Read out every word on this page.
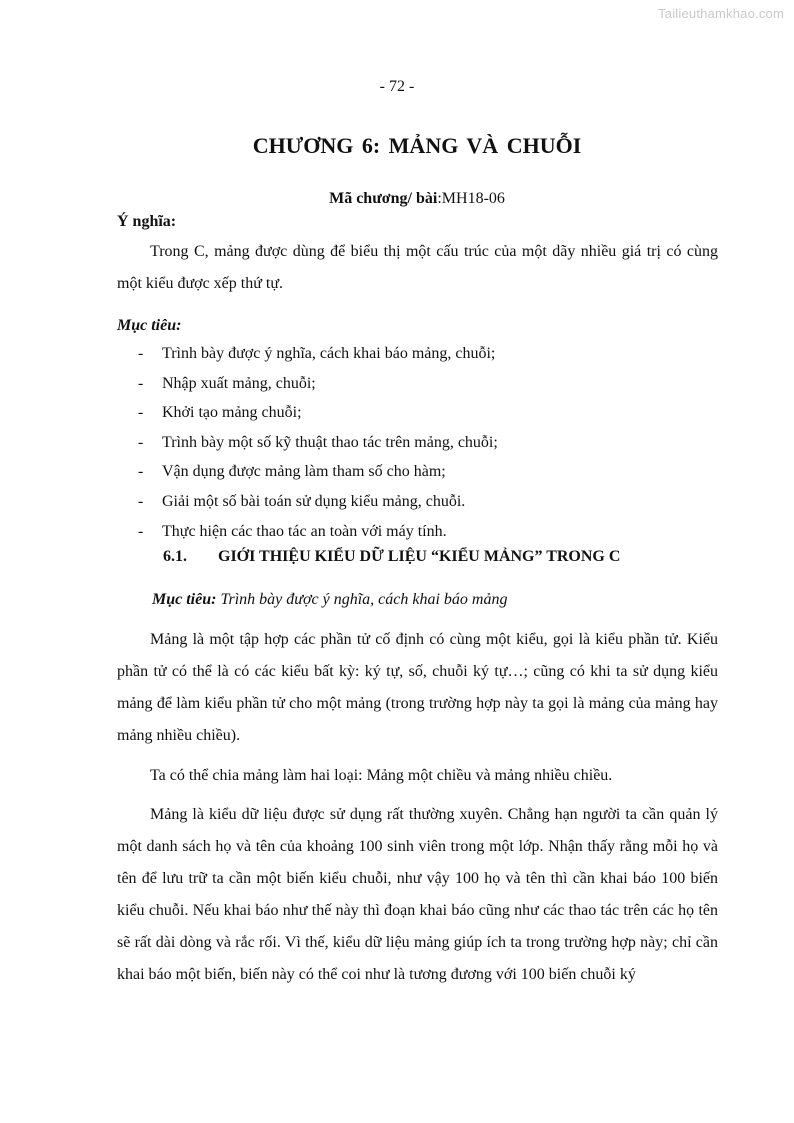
Tailieuthamkhao.com
- 72 -
CHƯƠNG 6: MẢNG VÀ CHUỖI
Mã chương/ bài:MH18-06
Ý nghĩa:

Trong C, mảng được dùng để biểu thị một cấu trúc của một dãy nhiều giá trị có cùng một kiểu được xếp thứ tự.

Mục tiêu:
- Trình bày được ý nghĩa, cách khai báo mảng, chuỗi;
- Nhập xuất mảng, chuỗi;
- Khởi tạo mảng chuỗi;
- Trình bày một số kỹ thuật thao tác trên mảng, chuỗi;
- Vận dụng được mảng làm tham số cho hàm;
- Giải một số bài toán sử dụng kiểu mảng, chuỗi.
- Thực hiện các thao tác an toàn với máy tính.
6.1. GIỚI THIỆU KIỂU DỮ LIỆU “KIỂU MẢNG” TRONG C
Mục tiêu: Trình bày được ý nghĩa, cách khai báo mảng

Mảng là một tập hợp các phần tử cố định có cùng một kiểu, gọi là kiểu phần tử. Kiểu phần tử có thể là có các kiểu bất kỳ: ký tự, số, chuỗi ký tự…; cũng có khi ta sử dụng kiểu mảng để làm kiểu phần tử cho một mảng (trong trường hợp này ta gọi là mảng của mảng hay mảng nhiều chiều).

Ta có thể chia mảng làm hai loại: Mảng một chiều và mảng nhiều chiều.

Mảng là kiểu dữ liệu được sử dụng rất thường xuyên. Chẳng hạn người ta cần quản lý một danh sách họ và tên của khoảng 100 sinh viên trong một lớp. Nhận thấy rằng mỗi họ và tên để lưu trữ ta cần một biến kiểu chuỗi, như vậy 100 họ và tên thì cần khai báo 100 biến kiểu chuỗi. Nếu khai báo như thế này thì đoạn khai báo cũng như các thao tác trên các họ tên sẽ rất dài dòng và rắc rối. Vì thế, kiểu dữ liệu mảng giúp ích ta trong trường hợp này; chỉ cần khai báo một biến, biến này có thể coi như là tương đương với 100 biến chuỗi ký
